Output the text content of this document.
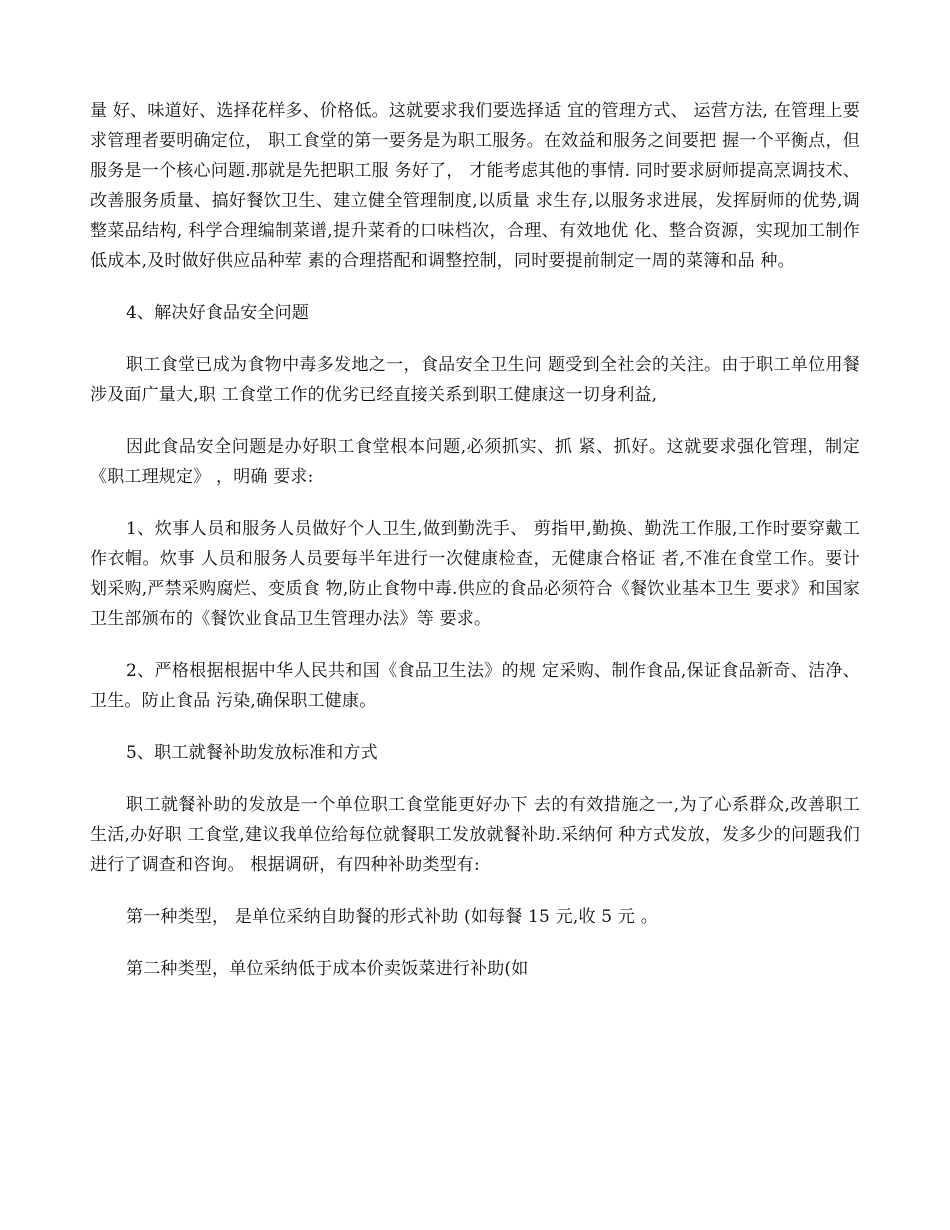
量 好、味道好、选择花样多、价格低。这就要求我们要选择适 宜的管理方式、 运营方法, 在管理上要求管理者要明确定位， 职工食堂的第一要务是为职工服务。在效益和服务之间要把 握一个平衡点，但服务是一个核心问题.那就是先把职工服 务好了， 才能考虑其他的事情. 同时要求厨师提高烹调技术、 改善服务质量、搞好餐饮卫生、建立健全管理制度,以质量 求生存,以服务求进展，发挥厨师的优势,调整菜品结构, 科学合理编制菜谱,提升菜肴的口味档次，合理、有效地优 化、整合资源，实现加工制作低成本,及时做好供应品种荤 素的合理搭配和调整控制，同时要提前制定一周的菜簿和品 种。

4、解决好食品安全问题

职工食堂已成为食物中毒多发地之一，食品安全卫生问 题受到全社会的关注。由于职工单位用餐涉及面广量大,职 工食堂工作的优劣已经直接关系到职工健康这一切身利益,

因此食品安全问题是办好职工食堂根本问题,必须抓实、抓 紧、抓好。这就要求强化管理，制定《职工理规定》 ，明确 要求:

1、炊事人员和服务人员做好个人卫生,做到勤洗手、 剪指甲,勤换、勤洗工作服,工作时要穿戴工作衣帽。炊事 人员和服务人员要每半年进行一次健康检查，无健康合格证 者,不准在食堂工作。要计划采购,严禁采购腐烂、变质食 物,防止食物中毒.供应的食品必须符合《餐饮业基本卫生 要求》和国家卫生部颁布的《餐饮业食品卫生管理办法》等 要求。

2、严格根据根据中华人民共和国《食品卫生法》的规 定采购、制作食品,保证食品新奇、洁净、卫生。防止食品 污染,确保职工健康。

5、职工就餐补助发放标准和方式

职工就餐补助的发放是一个单位职工食堂能更好办下 去的有效措施之一,为了心系群众,改善职工生活,办好职 工食堂,建议我单位给每位就餐职工发放就餐补助.采纳何 种方式发放，发多少的问题我们进行了调查和咨询。 根据调研，有四种补助类型有:

第一种类型， 是单位采纳自助餐的形式补助 (如每餐 15 元,收 5 元 。

第二种类型，单位采纳低于成本价卖饭菜进行补助(如
